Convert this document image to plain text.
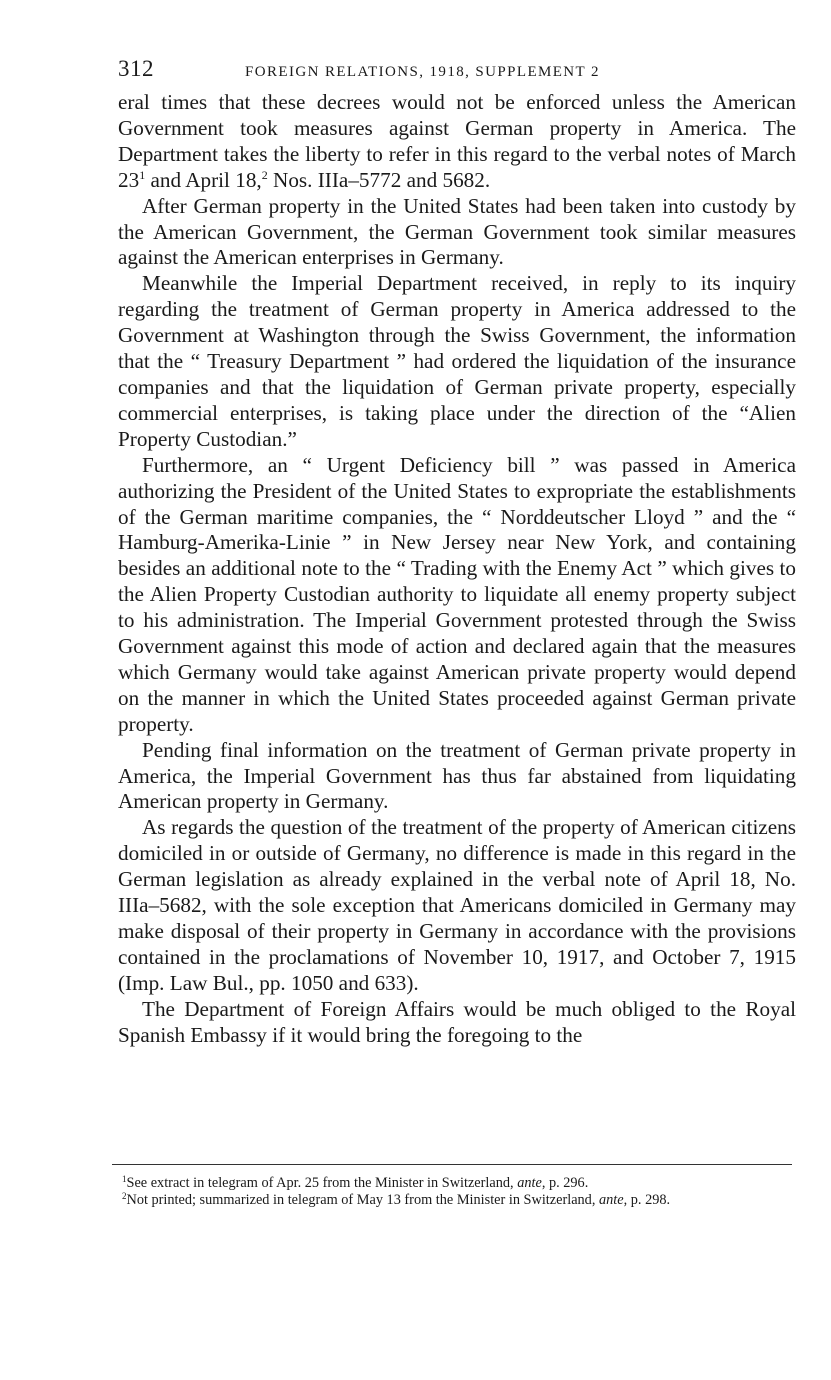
312	FOREIGN RELATIONS, 1918, SUPPLEMENT 2

eral times that these decrees would not be enforced unless the American Government took measures against German property in America. The Department takes the liberty to refer in this regard to the verbal notes of March $23^1$ and April 18,$^2$ Nos. IIIa–5772 and 5682.

After German property in the United States had been taken into custody by the American Government, the German Government took similar measures against the American enterprises in Germany.

Meanwhile the Imperial Department received, in reply to its inquiry regarding the treatment of German property in America addressed to the Government at Washington through the Swiss Government, the information that the “ Treasury Department ” had ordered the liquidation of the insurance companies and that the liquidation of German private property, especially commercial enterprises, is taking place under the direction of the “Alien Property Custodian.”

Furthermore, an “ Urgent Deficiency bill ” was passed in America authorizing the President of the United States to expropriate the establishments of the German maritime companies, the “ Norddeutscher Lloyd ” and the “ Hamburg-Amerika-Linie ” in New Jersey near New York, and containing besides an additional note to the “ Trading with the Enemy Act ” which gives to the Alien Property Custodian authority to liquidate all enemy property subject to his administration. The Imperial Government protested through the Swiss Government against this mode of action and declared again that the measures which Germany would take against American private property would depend on the manner in which the United States proceeded against German private property.

Pending final information on the treatment of German private property in America, the Imperial Government has thus far abstained from liquidating American property in Germany.

As regards the question of the treatment of the property of American citizens domiciled in or outside of Germany, no difference is made in this regard in the German legislation as already explained in the verbal note of April 18, No. IIIa–5682, with the sole exception that Americans domiciled in Germany may make disposal of their property in Germany in accordance with the provisions contained in the proclamations of November 10, 1917, and October 7, 1915 (Imp. Law Bul., pp. 1050 and 633).

The Department of Foreign Affairs would be much obliged to the Royal Spanish Embassy if it would bring the foregoing to the

$^1$See extract in telegram of Apr. 25 from the Minister in Switzerland, ante, p. 296.

$^2$Not printed; summarized in telegram of May 13 from the Minister in Switzerland, ante, p. 298.
